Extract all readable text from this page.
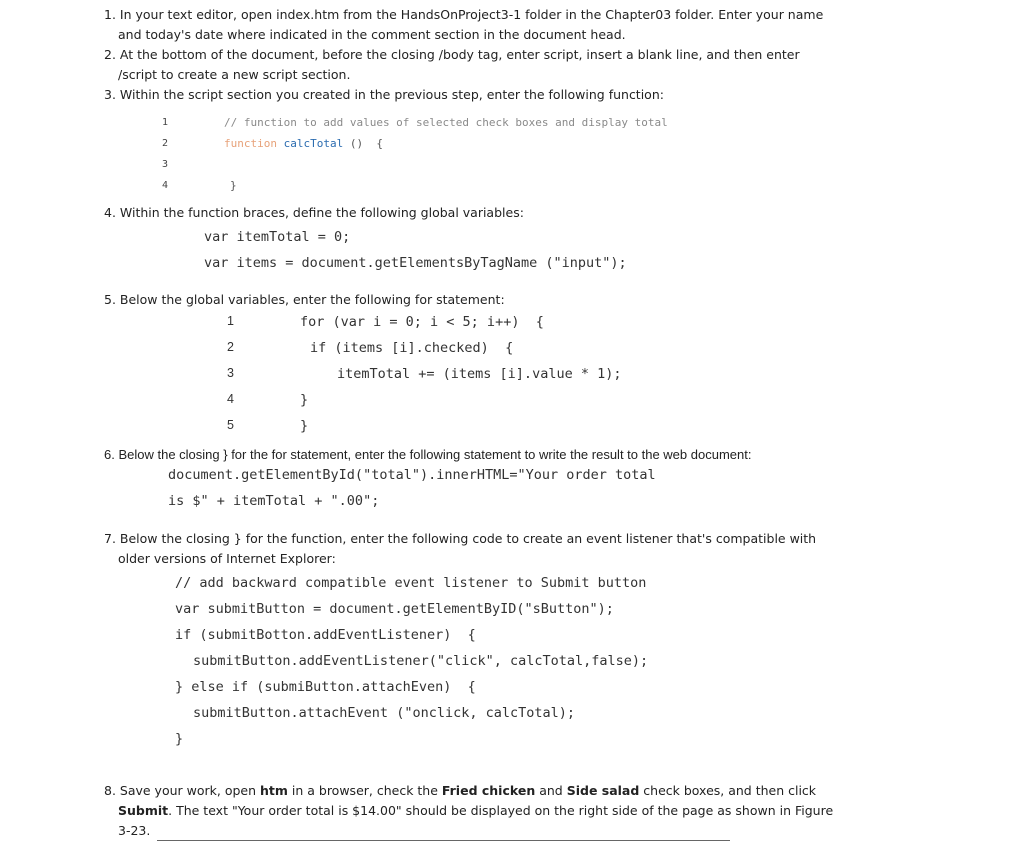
1. In your text editor, open index.htm from the HandsOnProject3-1 folder in the Chapter03 folder. Enter your name
and today's date where indicated in the comment section in the document head.
2. At the bottom of the document, before the closing /body tag, enter script, insert a blank line, and then enter
/script to create a new script section.
3. Within the script section you created in the previous step, enter the following function:
1
2
3
4
// function to add values of selected check boxes and display total
function calcTotal ()  {
}
4. Within the function braces, define the following global variables:
var itemTotal = 0;
var items = document.getElementsByTagName ("input");
5. Below the global variables, enter the following for statement:
1
2
3
4
5
for (var i = 0; i < 5; i++)  {
if (items [i].checked)  {
itemTotal += (items [i].value * 1);
}
}
6. Below the closing } for the for statement, enter the following statement to write the result to the web document:
document.getElementById("total").innerHTML="Your order total
is $" + itemTotal + ".00";
7. Below the closing } for the function, enter the following code to create an event listener that's compatible with
older versions of Internet Explorer:
// add backward compatible event listener to Submit button
var submitButton = document.getElementByID("sButton");
if (submitBotton.addEventListener)  {
submitButton.addEventListener("click", calcTotal,false);
} else if (submiButton.attachEven)  {
submitButton.attachEvent ("onclick, calcTotal);
}
8. Save your work, open htm in a browser, check the Fried chicken and Side salad check boxes, and then click
Submit. The text "Your order total is $14.00" should be displayed on the right side of the page as shown in Figure
3-23.
